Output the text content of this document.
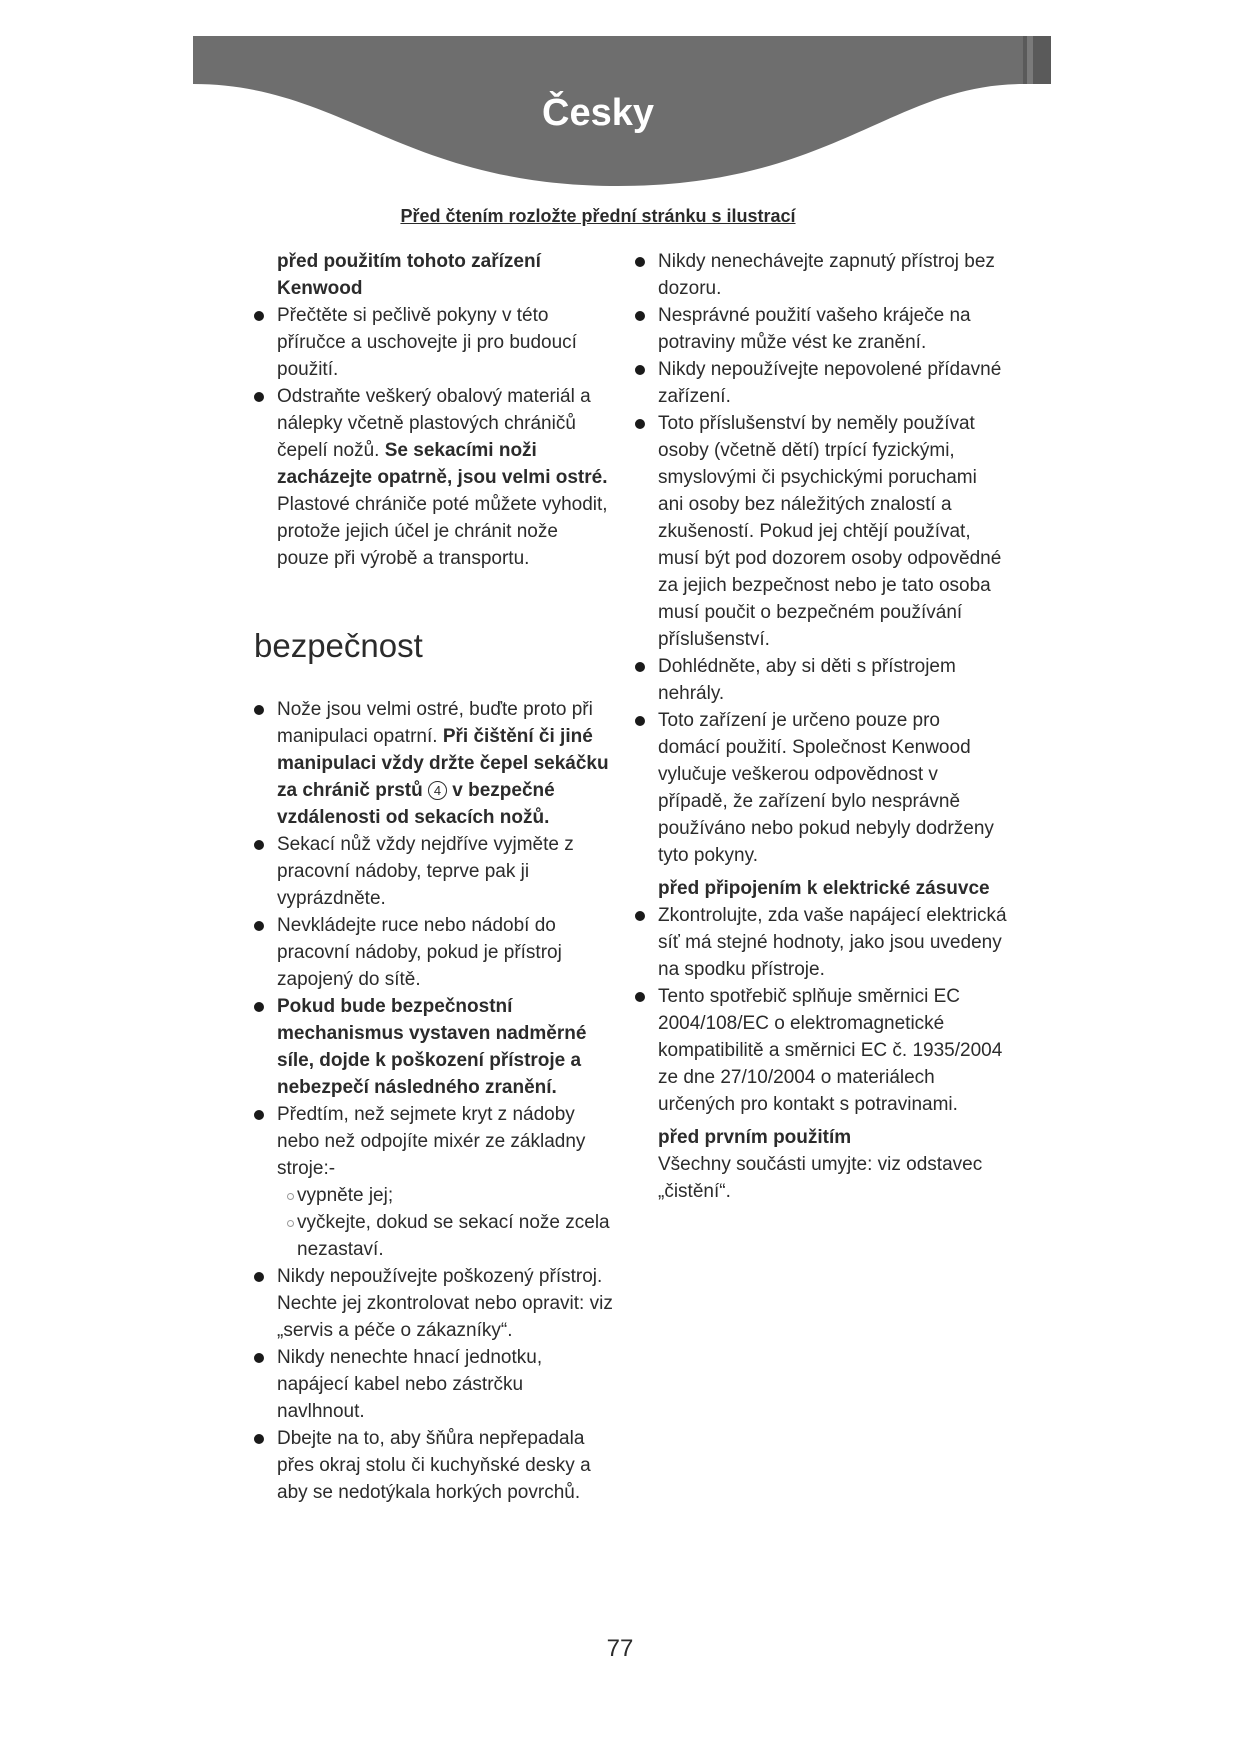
Česky
Před čtením rozložte přední stránku s ilustrací
před použitím tohoto zařízení
Kenwood
Přečtěte si pečlivě pokyny v této příručce a uschovejte ji pro budoucí použití.
Odstraňte veškerý obalový materiál a nálepky včetně plastových chráničů čepelí nožů. Se sekacími noži zacházejte opatrně, jsou velmi ostré. Plastové chrániče poté můžete vyhodit, protože jejich účel je chránit nože pouze při výrobě a transportu.
bezpečnost
Nože jsou velmi ostré, buďte proto při manipulaci opatrní. Při čištění či jiné manipulaci vždy držte čepel sekáčku za chránič prstů 4 v bezpečné vzdálenosti od sekacích nožů.
Sekací nůž vždy nejdříve vyjměte z pracovní nádoby, teprve pak ji vyprázdněte.
Nevkládejte ruce nebo nádobí do pracovní nádoby, pokud je přístroj zapojený do sítě.
Pokud bude bezpečnostní mechanismus vystaven nadměrné síle, dojde k poškození přístroje a nebezpečí následného zranění.
Předtím, než sejmete kryt z nádoby nebo než odpojíte mixér ze základny stroje:-
vypněte jej;
vyčkejte, dokud se sekací nože zcela nezastaví.
Nikdy nepoužívejte poškozený přístroj. Nechte jej zkontrolovat nebo opravit: viz „servis a péče o zákazníky“.
Nikdy nenechte hnací jednotku, napájecí kabel nebo zástrčku navlhnout.
Dbejte na to, aby šňůra nepřepadala přes okraj stolu či kuchyňské desky a aby se nedotýkala horkých povrchů.
Nikdy nenechávejte zapnutý přístroj bez dozoru.
Nesprávné použití vašeho kráječe na potraviny může vést ke zranění.
Nikdy nepoužívejte nepovolené přídavné zařízení.
Toto příslušenství by neměly používat osoby (včetně dětí) trpící fyzickými, smyslovými či psychickými poruchami ani osoby bez náležitých znalostí a zkušeností. Pokud jej chtějí používat, musí být pod dozorem osoby odpovědné za jejich bezpečnost nebo je tato osoba musí poučit o bezpečném používání příslušenství.
Dohlédněte, aby si děti s přístrojem nehrály.
Toto zařízení je určeno pouze pro domácí použití. Společnost Kenwood vylučuje veškerou odpovědnost v případě, že zařízení bylo nesprávně používáno nebo pokud nebyly dodrženy tyto pokyny.
před připojením k elektrické zásuvce
Zkontrolujte, zda vaše napájecí elektrická síť má stejné hodnoty, jako jsou uvedeny na spodku přístroje.
Tento spotřebič splňuje směrnici EC 2004/108/EC o elektromagnetické kompatibilitě a směrnici EC č. 1935/2004 ze dne 27/10/2004 o materiálech určených pro kontakt s potravinami.
před prvním použitím
Všechny součásti umyjte: viz odstavec „čistění“.
77
